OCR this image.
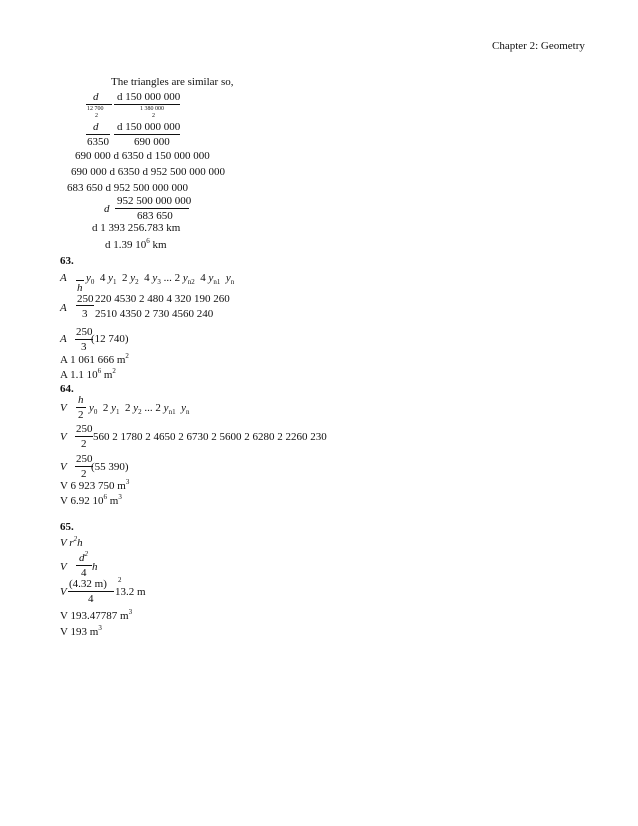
Chapter 2: Geometry
The triangles are similar so,
d
12 700
2
d 150 000 000
1 380 000
2
d
6350
d 150 000 000
690 000
690 000 d 6350 d 150 000 000
690 000 d 6350 d 952 500 000 000
683 650 d 952 500 000 000
d
952 500 000 000
683 650
d 1 393 256.783 km
d 1.39 $10^6$ km
63.
A
h
$y_0$  4 $y_1$  2 $y_2$  4 $y_3$ ... 2 $y_{n2}$  4 $y_{n1}$ $y_n$
A
250
3
220 4530 2 480 4 320 190 260
2510 4350 2 730 4560 240
A
250
3
(12 740)
A 1 061 666 $m^2$
A 1.1 $10^6$ $m^2$
64.
V
h
2
$y_0$  2 $y_1$  2 $y_2$ ... 2 $y_{n1}$ $y_n$
V
250
2
560 2 1780 2 4650 2 6730 2 5600 2 6280 2 2260 230
V
250
2
(55 390)
V 6 923 750 $m^3$
V 6.92 $10^6$ $m^3$
65.
V $r^2h$
V
$d^2$
4 h
V
(4.32 m) 2
4
13.2 m
V 193.47787 $m^3$
V 193 $m^3$
